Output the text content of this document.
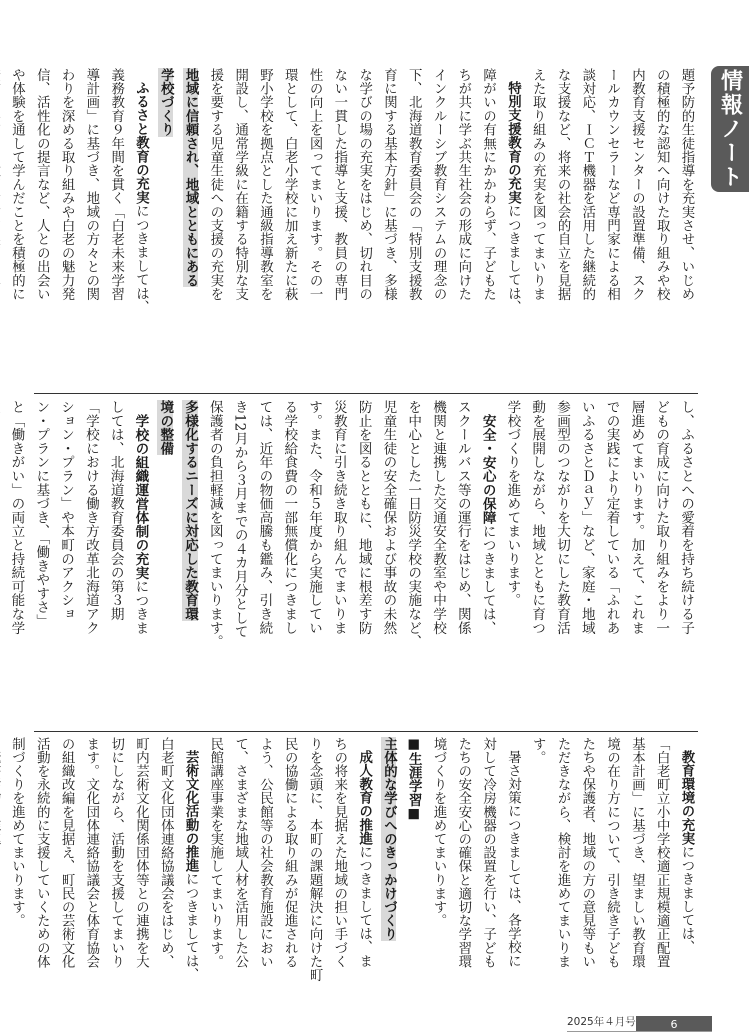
情報ノート

題予防的生徒指導を充実させ、いじめ

の積極的な認知へ向けた取り組みや校

内教育支援センターの設置準備、スク

ールカウンセラーなど専門家による相

談対応、ＩＣＴ機器を活用した継続的

な支援など、将来の社会的自立を見据

えた取り組みの充実を図ってまいりま

特別支援教育の充実につきましては、

障がいの有無にかかわらず、子どもた

ちが共に学ぶ共生社会の形成に向けた

インクルーシブ教育システムの理念の

下、北海道教育委員会の「特別支援教

育に関する基本方針」に基づき、多様

な学びの場の充実をはじめ、切れ目の

ない一貫した指導と支援、教員の専門

性の向上を図ってまいります。その一

環として、白老小学校に加え新たに萩

野小学校を拠点とした通級指導教室を

開設し、通常学級に在籍する特別な支

援を要する児童生徒への支援の充実を

地域に信頼され、地域とともにある

学校づくり

ふるさと教育の充実につきましては、

義務教育９年間を貫く「白老未来学習

導計画」に基づき、地域の方々との関

わりを深める取り組みや白老の魅力発

信、活性化の提言など、人との出会い

や体験を通して学んだことを積極的に

し、ふるさとへの愛着を持ち続ける子

どもの育成に向けた取り組みをより一

層進めてまいります。加えて、これま

での実践により定着している「ふれあ

いふるさとＤａｙ」など、家庭・地域

参画型のつながりを大切にした教育活

動を展開しながら、地域とともに育つ

学校づくりを進めてまいります。

安全・安心の保障につきましては、

スクールバス等の運行をはじめ、関係

機関と連携した交通安全教室や中学校

を中心とした一日防災学校の実施など、

児童生徒の安全確保および事故の未然

防止を図るとともに、地域に根差す防

災教育に引き続き取り組んでまいりま

す。また、令和５年度から実施してい

る学校給食費の一部無償化につきまし

ては、近年の物価高騰も鑑み、引き続

き12月から３月までの４カ月分として

保護者の負担軽減を図ってまいります。

多様化するニーズに対応した教育環

境の整備

学校の組織運営体制の充実につきま

しては、北海道教育委員会の第３期

「学校における働き方改革北海道アク

ション・プラン」や本町のアクショ

ン・プランに基づき、「働きやすさ」

と「働きがい」の両立と持続可能な学

教育環境の充実につきましては、

「白老町立小中学校適正規模適正配置

基本計画」に基づき、望ましい教育環

境の在り方について、引き続き子ども

たちや保護者、地域の方の意見等もい

ただきながら、検討を進めてまいりま

す。

暑さ対策につきましては、各学校に

対して冷房機器の設置を行い、子ども

たちの安全安心の確保と適切な学習環

境づくりを進めてまいります。

■生涯学習■

主体的な学びへのきっかけづくり

成人教育の推進につきましては、ま

ちの将来を見据えた地域の担い手づく

りを念頭に、本町の課題解決に向けた町

民の協働による取り組みが促進される

よう、公民館等の社会教育施設におい

て、さまざまな地域人材を活用した公

民館講座事業を実施してまいります。

芸術文化活動の推進につきましては、

白老町文化団体連絡協議会をはじめ、

町内芸術文化関係団体等との連携を大

切にしながら、活動を支援してまいり

ます。文化団体連絡協議会と体育協会

の組織改編を見据え、町民の芸術文化

活動を永続的に支援していくための体

制づくりを進めてまいります。

2025年４月号	6
